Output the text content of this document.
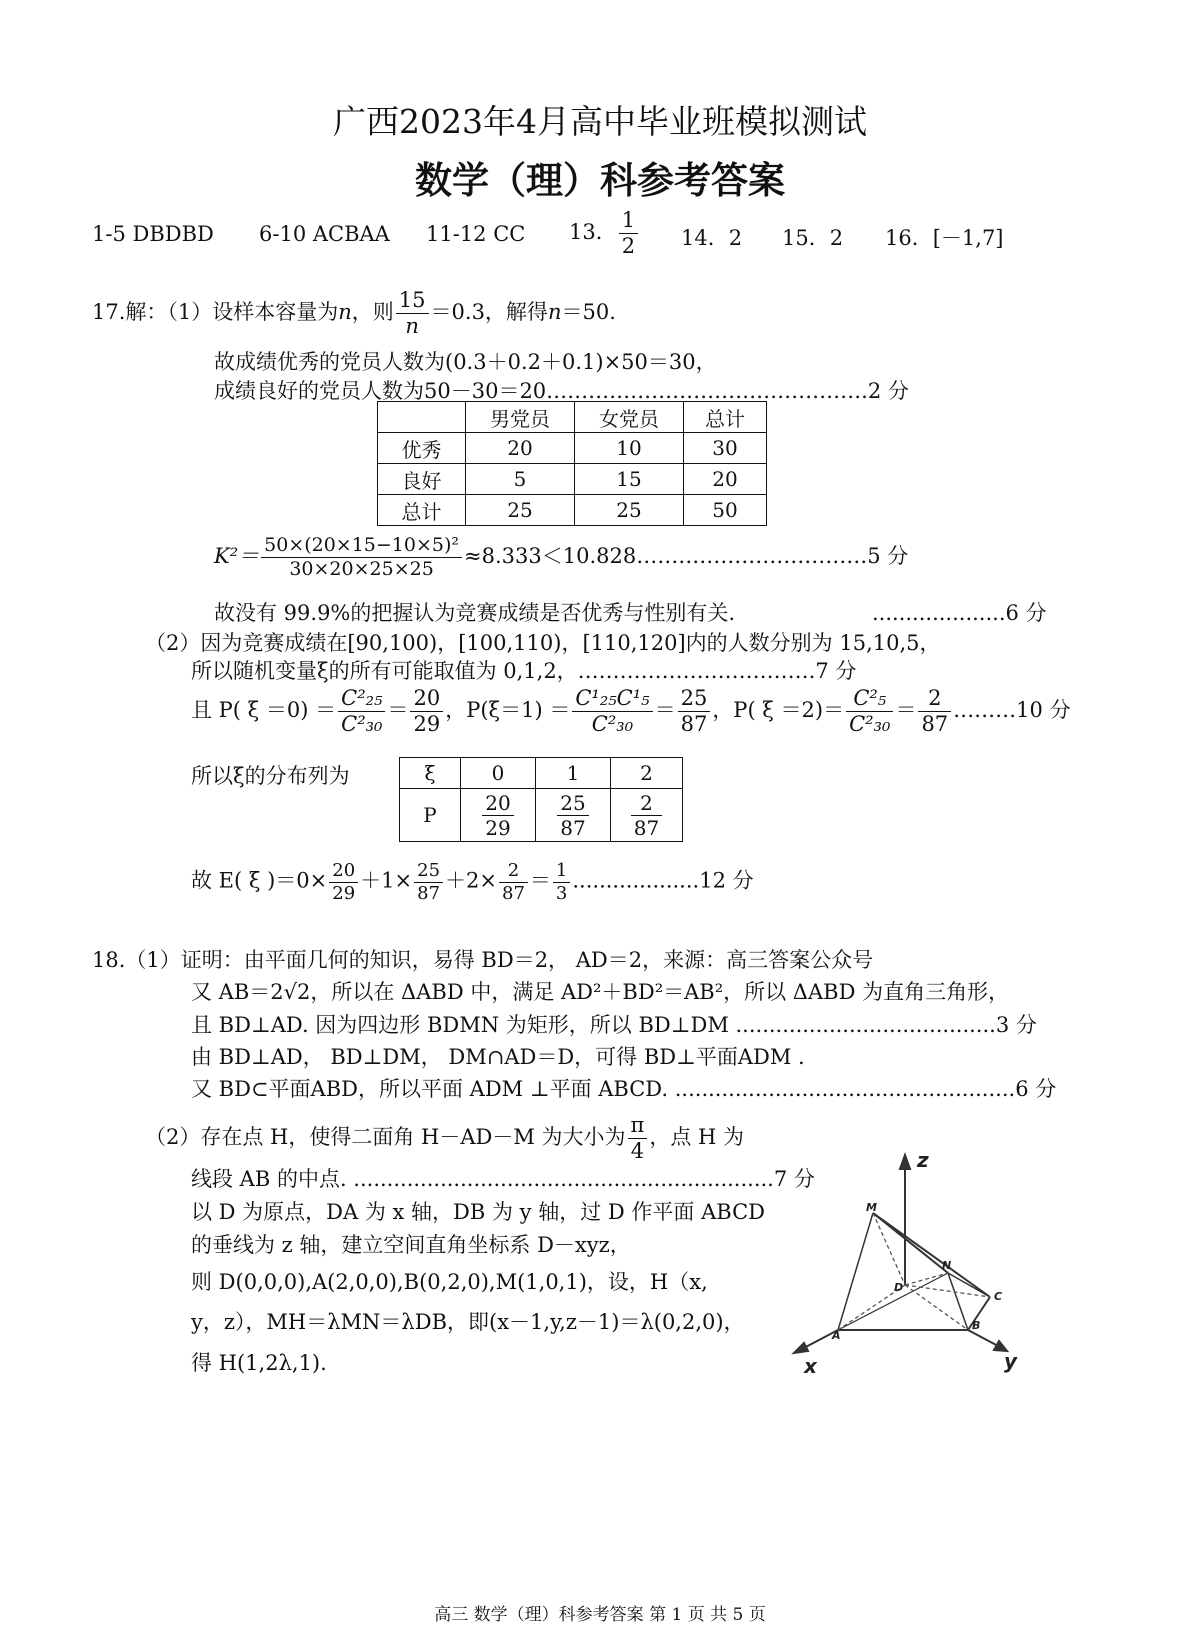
广西2023年4月高中毕业班模拟测试
数学（理）科参考答案
1-5 DBDBD 6-10 ACBAA 11-12 CC 13． $\frac{1}{2} 14$．2 15．2 16．[－1,7]
17.解：（1）设样本容量为n，则 $\frac{15}{n} =0.3$，解得n＝50.
故成绩优秀的党员人数为(0.3＋0.2＋0.1)×50＝30，
成绩良好的党员人数为50－30＝20……………………………………….2 分
	男党员	女党员	总计
优秀	20	10	30
良好	5	15	20
总计	25	25	50
$K^2= \frac{\text{50×(20×15−10×5)²}}{30\times 20\times 25\times 25}$ ≈8.333＜10.828……………………………5 分
故没有 99.9%的把握认为竞赛成绩是否优秀与性别有关.	....................6 分
（2）因为竞赛成绩在[90,100)，[100,110)，[110,120]内的人数分别为 15,10,5，
所以随机变量ξ的所有可能取值为 0,1,2，…………………………….7 分
且 P( $\xi =0) = \frac{\text{C²₂₅}}{\text{C²₃₀}} = \frac{20}{29}$ ，$P(\xi=1) = \frac{\text{C¹₂₅C¹₅}}{\text{C²₃₀}} = \frac{25}{87}$ ，P( $\xi =2)= \frac{\text{C²₅}}{\text{C²₃₀}} = \frac{2}{87}$ ………10 分
所以ξ的分布列为	ξ	0	1	2
P	$\frac{20}{29}$	$\frac{25}{87}$	$\frac{2}{87}$
故 E( ξ )$=0\times \frac{20}{29} +1\times \frac{25}{87} +2\times \frac{2}{87} = \frac{1}{3} ...................12$ 分
18.（1）证明：由平面几何的知识，易得 BD＝2， AD＝2，来源：高三答案公众号
又 AB＝2√2，所以在 ΔABD 中，满足 AD²＋BD²＝AB²，所以 ΔABD 为直角三角形，
且 BD⊥AD. 因为四边形 BDMN 为矩形，所以 BD⊥DM .......................................3 分
由 BD⊥AD， BD⊥DM， DM∩AD＝D，可得 BD⊥平面ADM .
又 BD⊂平面ABD，所以平面 ADM ⊥平面 ABCD. ...................................................6 分
（2）存在点 H，使得二面角 H－AD－M 为大小为 $\frac{\pi}{4}$ ，点 H 为
线段 AB 的中点. ...............................................................7 分
以 D 为原点，DA 为 x 轴，DB 为 y 轴，过 D 作平面 ABCD
的垂线为 z 轴，建立空间直角坐标系 D－xyz，
则 D(0,0,0),A(2,0,0),B(0,2,0),M(1,0,1)，设，H（x,
y，z），MH＝λMN＝λDB，即(x－1,y,z－1)＝λ(0,2,0)，
得 H(1,2λ,1).
z
x	y
M
N
D
C
A
B
高三 数学（理）科参考答案 第 1 页 共 5 页
